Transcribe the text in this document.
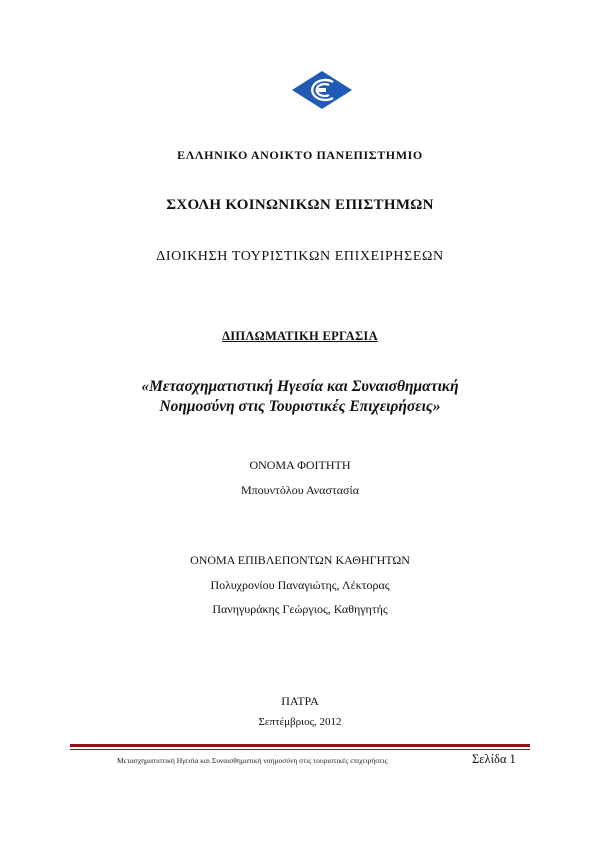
ΕΛΛΗΝΙΚΟ ΑΝΟΙΚΤΟ ΠΑΝΕΠΙΣΤΗΜΙΟ
ΣΧΟΛΗ ΚΟΙΝΩΝΙΚΩΝ ΕΠΙΣΤΗΜΩΝ
ΔΙΟΙΚΗΣΗ ΤΟΥΡΙΣΤΙΚΩΝ ΕΠΙΧΕΙΡΗΣΕΩΝ
ΔΙΠΛΩΜΑΤΙΚΗ ΕΡΓΑΣΙΑ
«Μετασχηματιστική Ηγεσία και Συναισθηματική
Νοημοσύνη στις Τουριστικές Επιχειρήσεις»
ΟΝΟΜΑ ΦΟΙΤΗΤΗ
Μπουντόλου Αναστασία
ΟΝΟΜΑ ΕΠΙΒΛΕΠΟΝΤΩΝ ΚΑΘΗΓΗΤΩΝ
Πολυχρονίου Παναγιώτης, Λέκτορας
Πανηγυράκης Γεώργιος, Καθηγητής
ΠΑΤΡΑ
Σεπτέμβριος, 2012
Μετασχηματιστική Ηγεσία και Συναισθηματική νοημοσύνη στις τουριστικές επιχειρήσεις	Σελίδα 1
